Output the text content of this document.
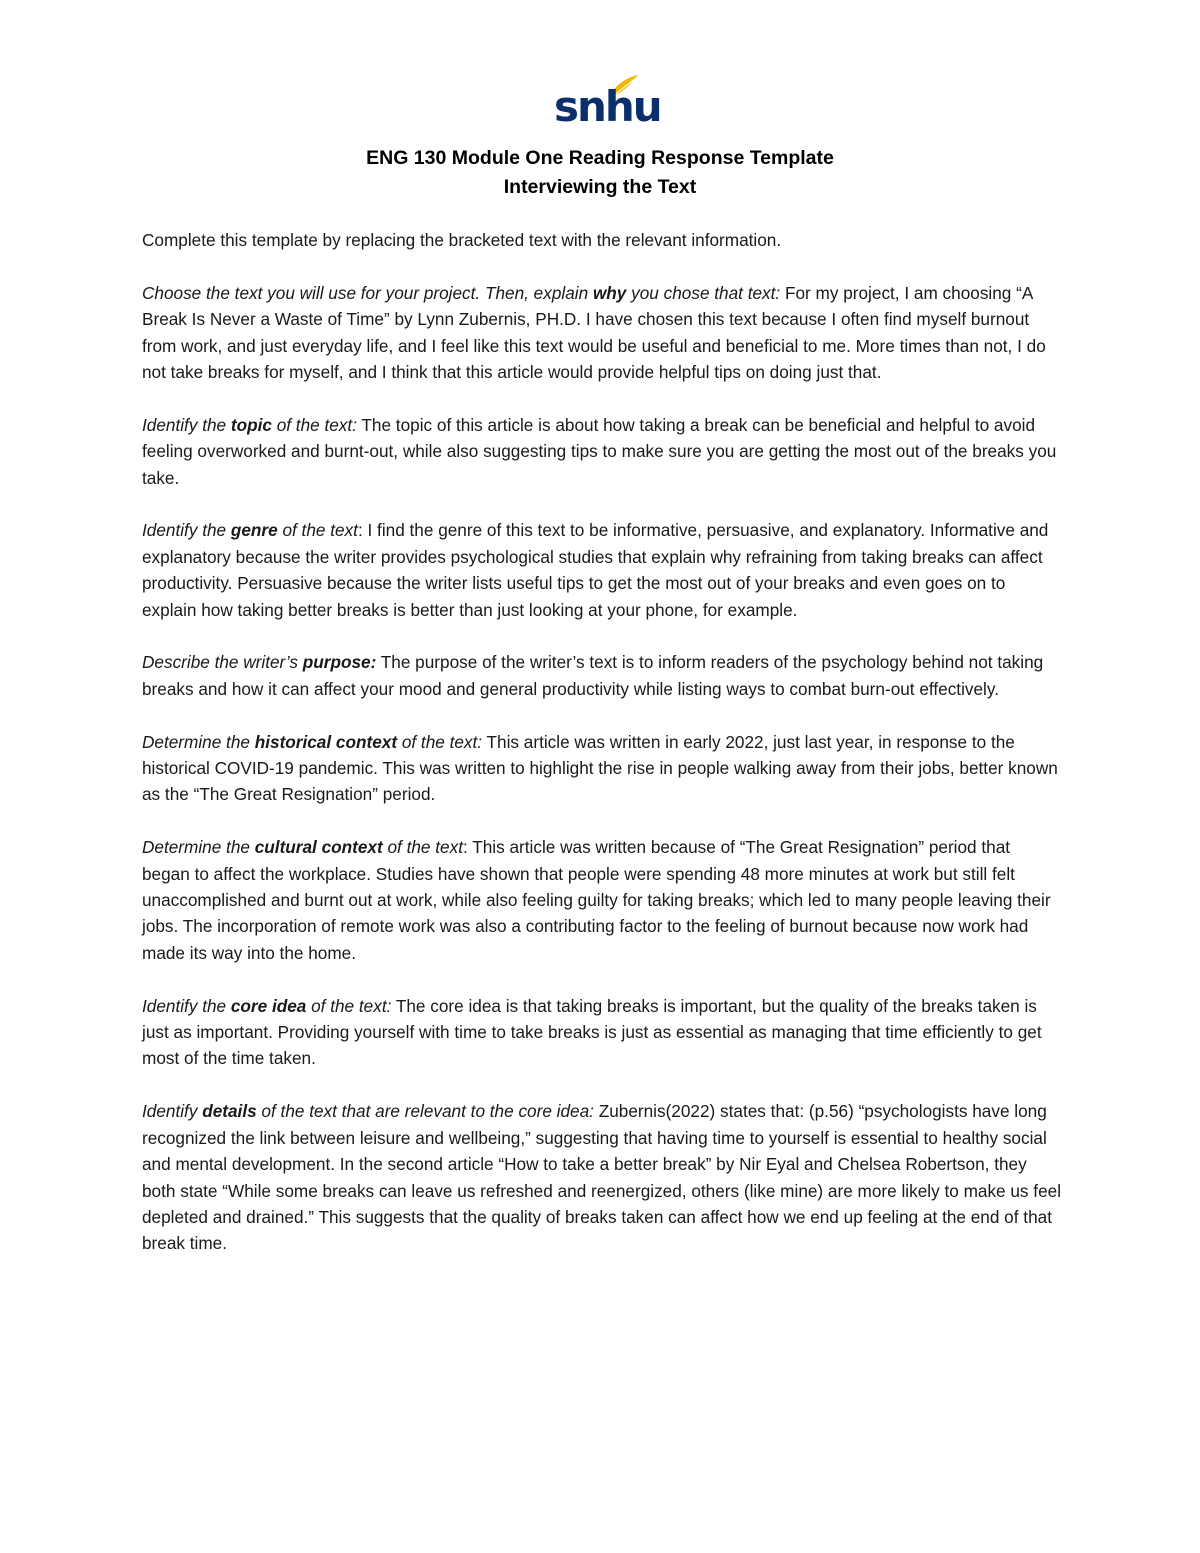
snhu
ENG 130 Module One Reading Response Template
Interviewing the Text

Complete this template by replacing the bracketed text with the relevant information.

Choose the text you will use for your project. Then, explain why you chose that text: For my project, I am choosing “A Break Is Never a Waste of Time” by Lynn Zubernis, PH.D. I have chosen this text because I often find myself burnout from work, and just everyday life, and I feel like this text would be useful and beneficial to me. More times than not, I do not take breaks for myself, and I think that this article would provide helpful tips on doing just that.

Identify the topic of the text: The topic of this article is about how taking a break can be beneficial and helpful to avoid feeling overworked and burnt-out, while also suggesting tips to make sure you are getting the most out of the breaks you take.

Identify the genre of the text: I find the genre of this text to be informative, persuasive, and explanatory. Informative and explanatory because the writer provides psychological studies that explain why refraining from taking breaks can affect productivity. Persuasive because the writer lists useful tips to get the most out of your breaks and even goes on to explain how taking better breaks is better than just looking at your phone, for example.

Describe the writer’s purpose: The purpose of the writer’s text is to inform readers of the psychology behind not taking breaks and how it can affect your mood and general productivity while listing ways to combat burn-out effectively.

Determine the historical context of the text: This article was written in early 2022, just last year, in response to the historical COVID-19 pandemic. This was written to highlight the rise in people walking away from their jobs, better known as the “The Great Resignation” period.

Determine the cultural context of the text: This article was written because of “The Great Resignation” period that began to affect the workplace. Studies have shown that people were spending 48 more minutes at work but still felt unaccomplished and burnt out at work, while also feeling guilty for taking breaks; which led to many people leaving their jobs. The incorporation of remote work was also a contributing factor to the feeling of burnout because now work had made its way into the home.

Identify the core idea of the text: The core idea is that taking breaks is important, but the quality of the breaks taken is just as important. Providing yourself with time to take breaks is just as essential as managing that time efficiently to get most of the time taken.

Identify details of the text that are relevant to the core idea: Zubernis(2022) states that: (p.56) “psychologists have long recognized the link between leisure and wellbeing,” suggesting that having time to yourself is essential to healthy social and mental development. In the second article “How to take a better break” by Nir Eyal and Chelsea Robertson, they both state “While some breaks can leave us refreshed and reenergized, others (like mine) are more likely to make us feel depleted and drained.” This suggests that the quality of breaks taken can affect how we end up feeling at the end of that break time.
